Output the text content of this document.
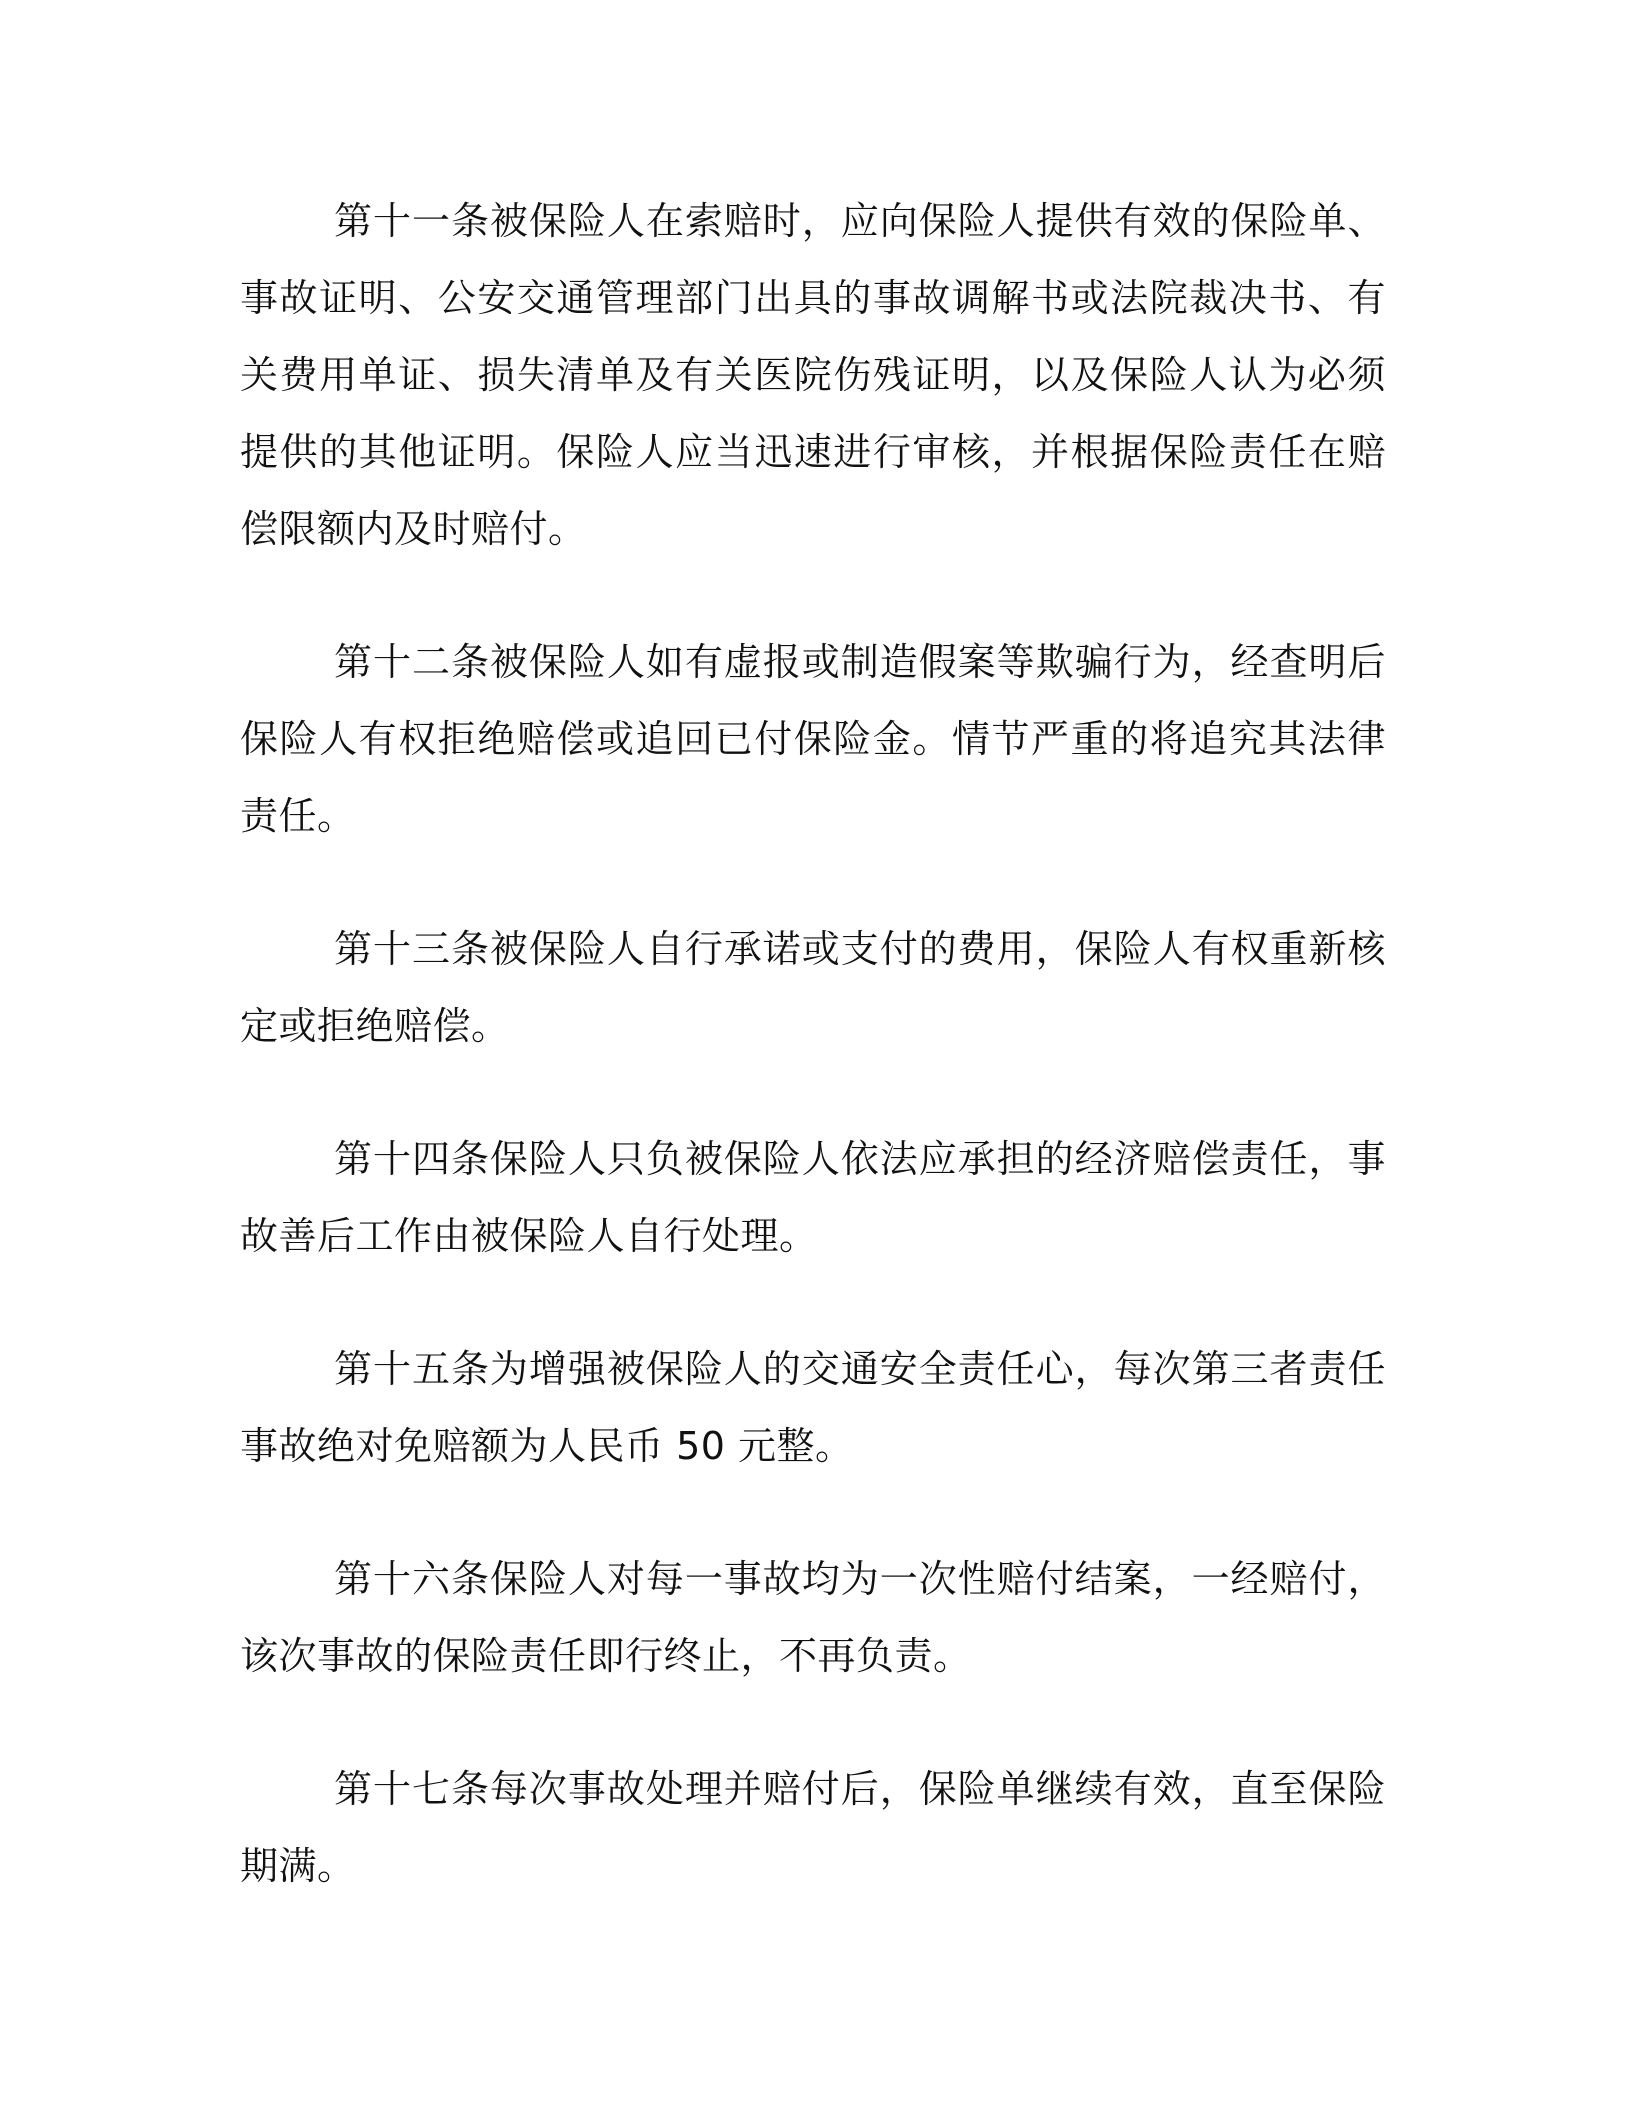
第十一条被保险人在索赔时，应向保险人提供有效的保险单、事故证明、公安交通管理部门出具的事故调解书或法院裁决书、有关费用单证、损失清单及有关医院伤残证明，以及保险人认为必须提供的其他证明。保险人应当迅速进行审核，并根据保险责任在赔偿限额内及时赔付。

第十二条被保险人如有虚报或制造假案等欺骗行为，经查明后保险人有权拒绝赔偿或追回已付保险金。情节严重的将追究其法律责任。

第十三条被保险人自行承诺或支付的费用，保险人有权重新核定或拒绝赔偿。

第十四条保险人只负被保险人依法应承担的经济赔偿责任，事故善后工作由被保险人自行处理。

第十五条为增强被保险人的交通安全责任心，每次第三者责任事故绝对免赔额为人民币 50 元整。

第十六条保险人对每一事故均为一次性赔付结案，一经赔付，该次事故的保险责任即行终止，不再负责。

第十七条每次事故处理并赔付后，保险单继续有效，直至保险期满。
